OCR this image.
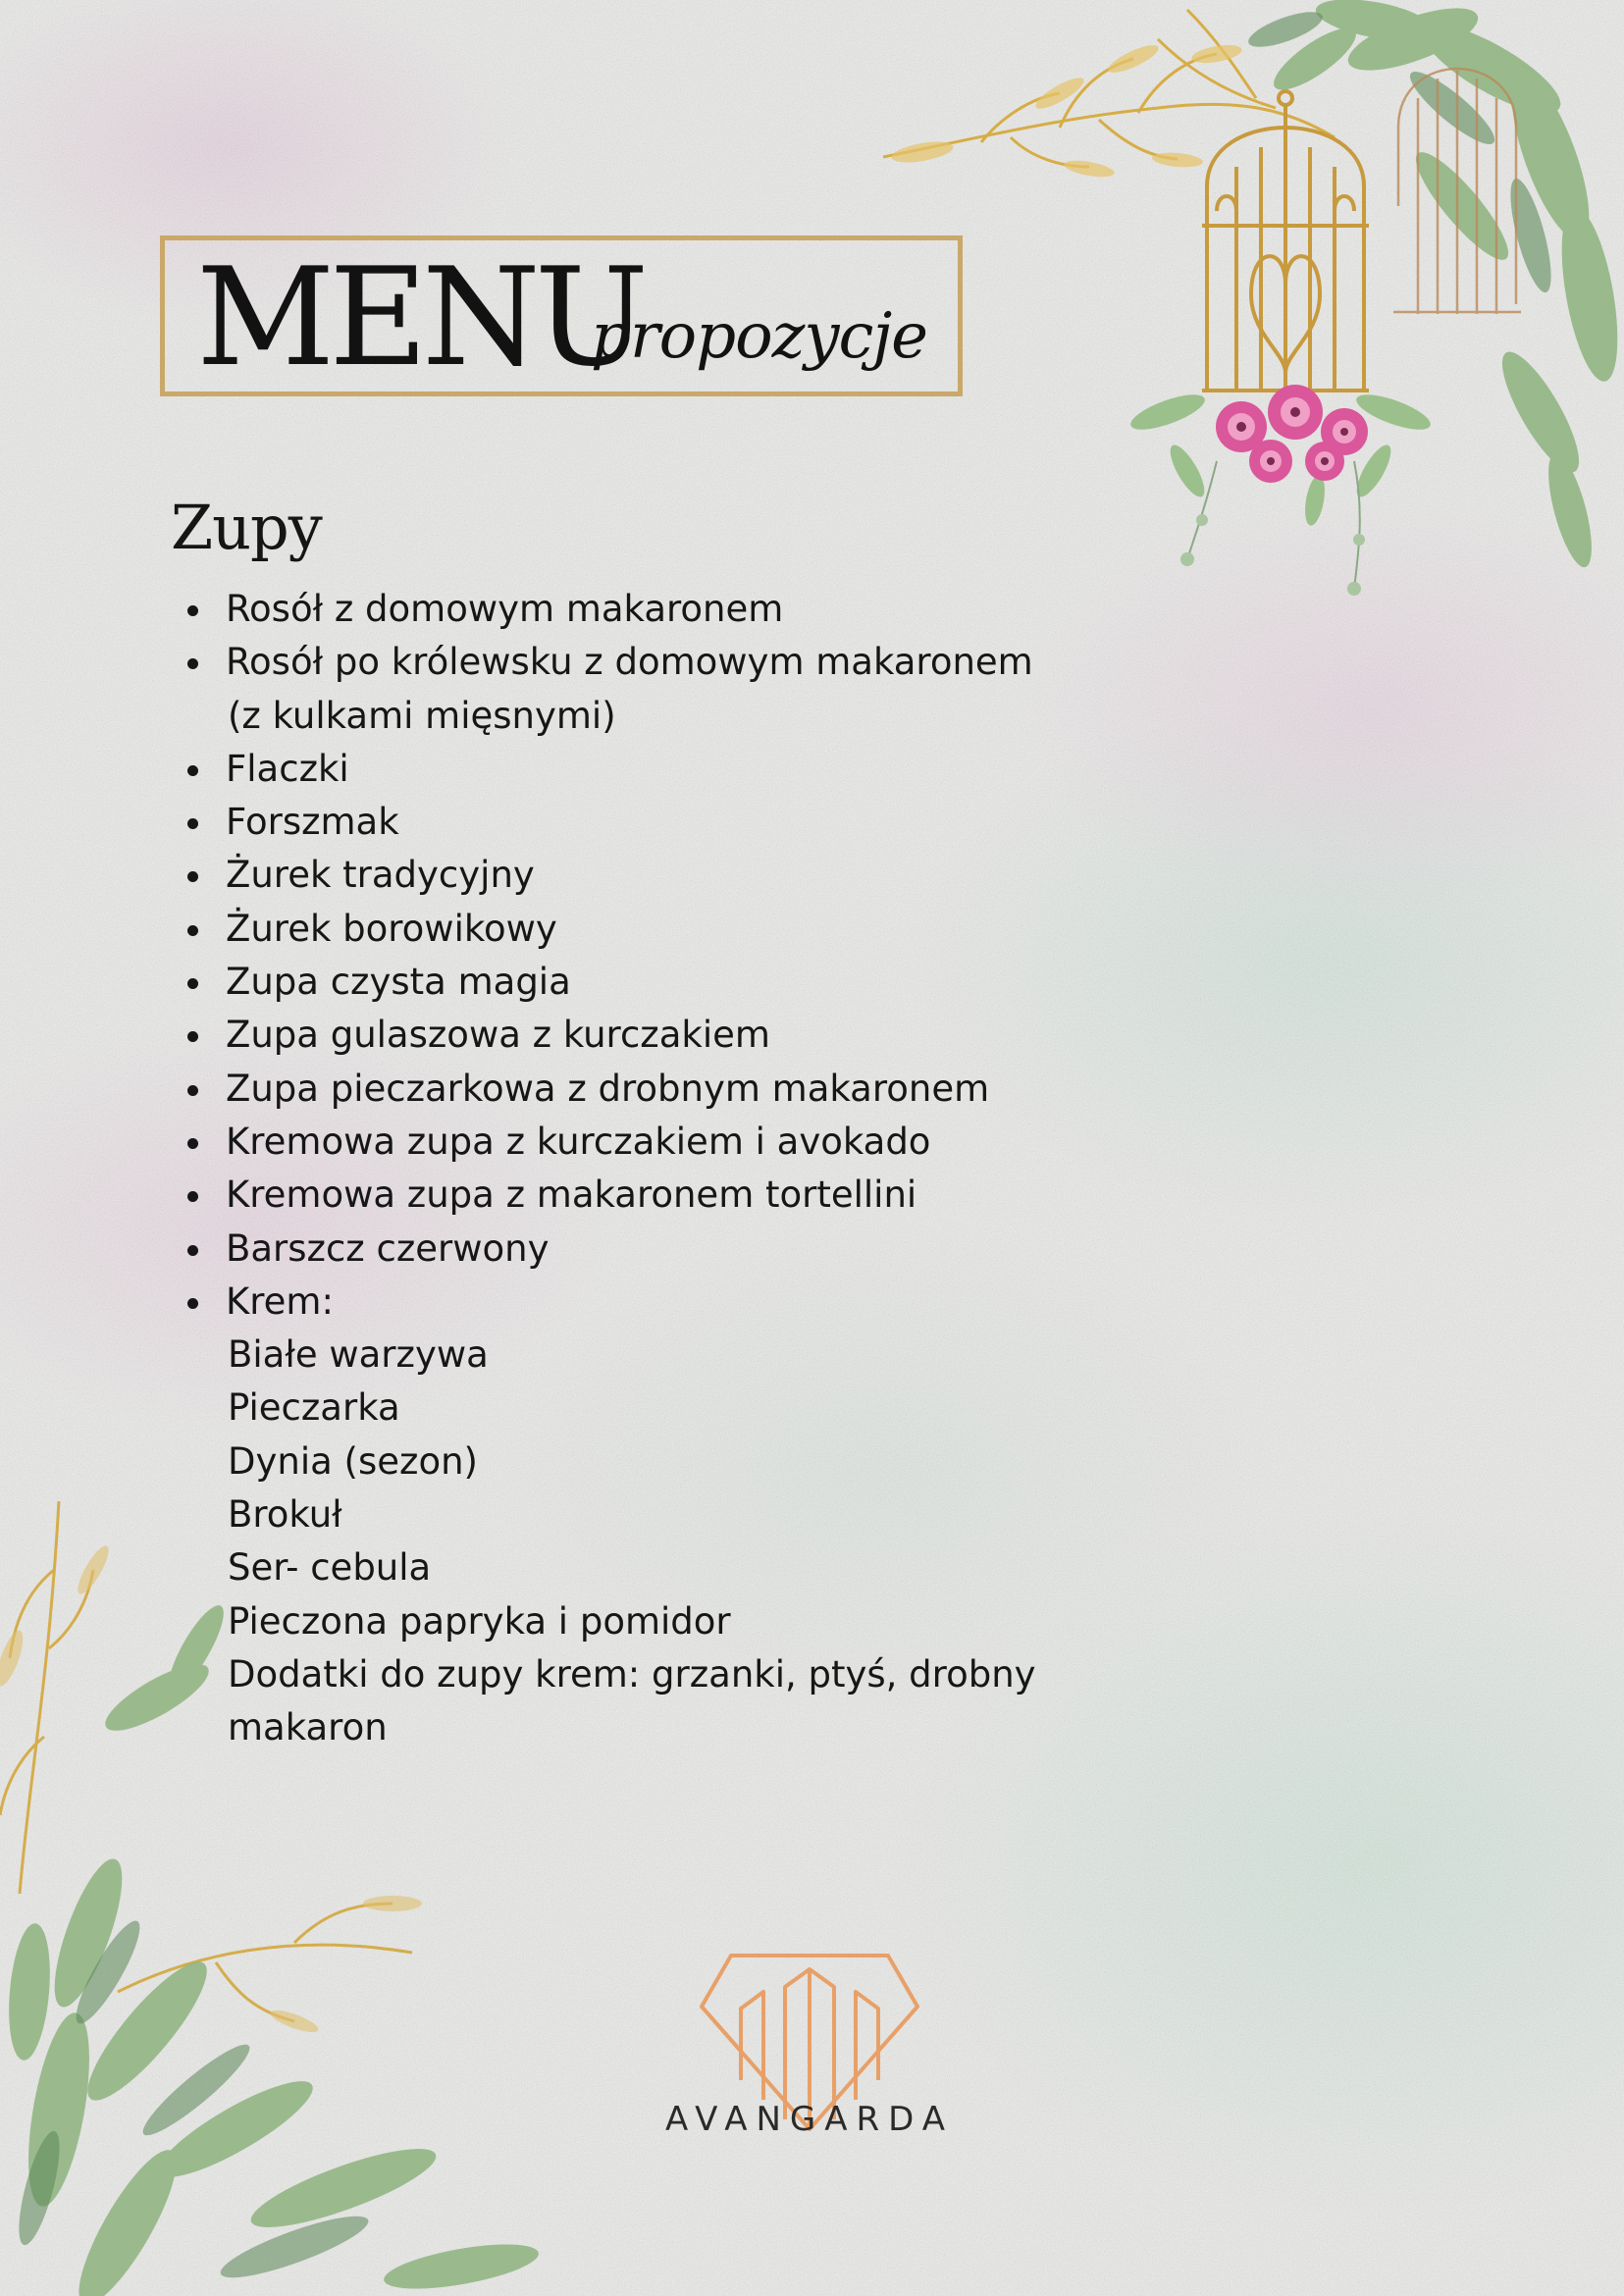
MENU
propozycje
Zupy
Rosół z domowym makaronem
Rosół po królewsku z domowym makaronem
(z kulkami mięsnymi)
Flaczki
Forszmak
Żurek tradycyjny
Żurek borowikowy
Zupa czysta magia
Zupa gulaszowa z kurczakiem
Zupa pieczarkowa z drobnym makaronem
Kremowa zupa z kurczakiem i avokado
Kremowa zupa z makaronem tortellini
Barszcz czerwony
Krem:
Białe warzywa
Pieczarka
Dynia (sezon)
Brokuł
Ser- cebula
Pieczona papryka i pomidor
Dodatki do zupy krem: grzanki, ptyś, drobny
makaron
AVANGARDA
